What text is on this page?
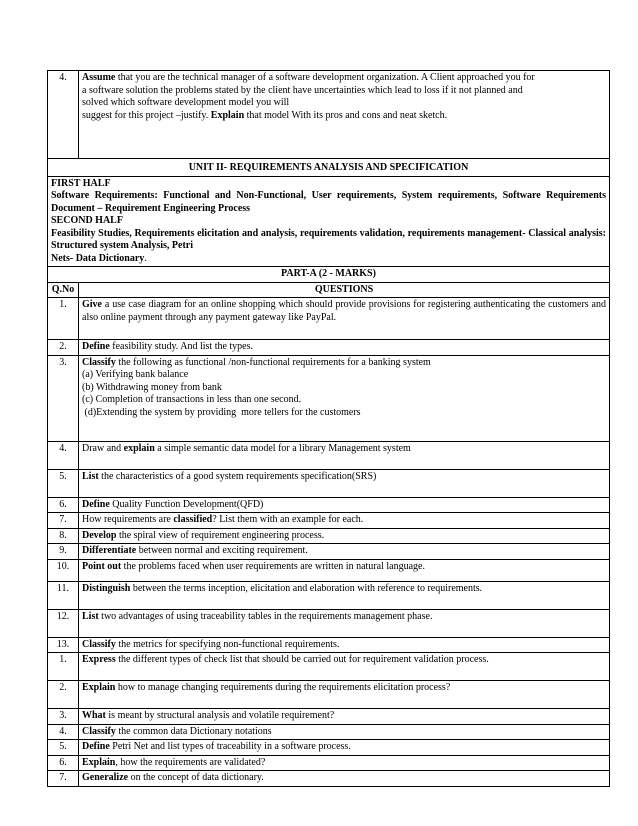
4.	Assume that you are the technical manager of a software development organization. A Client approached you for
a software solution the problems stated by the client have uncertainties which lead to loss if it not planned and
solved which software development model you will
suggest for this project –justify. Explain that model With its pros and cons and neat sketch.

UNIT II- REQUIREMENTS ANALYSIS AND SPECIFICATION	

FIRST HALF
Software Requirements: Functional and Non-Functional, User requirements, System requirements, Software Requirements Document – Requirement Engineering Process
SECOND HALF
Feasibility Studies, Requirements elicitation and analysis, requirements validation, requirements management- Classical analysis: Structured system Analysis, Petri
Nets- Data Dictionary.	

PART-A (2 - MARKS)	
Q.No	QUESTIONS
1.	Give a use case diagram for an online shopping which should provide provisions for registering authenticating the customers and also online payment through any payment gateway like PayPal.
2.	Define feasibility study. And list the types.
3.	Classify the following as functional /non-functional requirements for a banking system
(a) Verifying bank balance
(b) Withdrawing money from bank
(c) Completion of transactions in less than one second.
(d)Extending the system by providing  more tellers for the customers

4.	Draw and explain a simple semantic data model for a library Management system
5.	List the characteristics of a good system requirements specification(SRS)
6.	Define Quality Function Development(QFD)
7.	How requirements are classified? List them with an example for each.
8.	Develop the spiral view of requirement engineering process.
9.	Differentiate between normal and exciting requirement.
10.	Point out the problems faced when user requirements are written in natural language.
11.	Distinguish between the terms inception, elicitation and elaboration with reference to requirements.
12.	List two advantages of using traceability tables in the requirements management phase.
13.	Classify the metrics for specifying non-functional requirements.
1.	Express the different types of check list that should be carried out for requirement validation process.
2.	Explain how to manage changing requirements during the requirements elicitation process?
3.	What is meant by structural analysis and volatile requirement?
4.	Classify the common data Dictionary notations
5.	Define Petri Net and list types of traceability in a software process.
6.	Explain, how the requirements are validated?
7.	Generalize on the concept of data dictionary.
